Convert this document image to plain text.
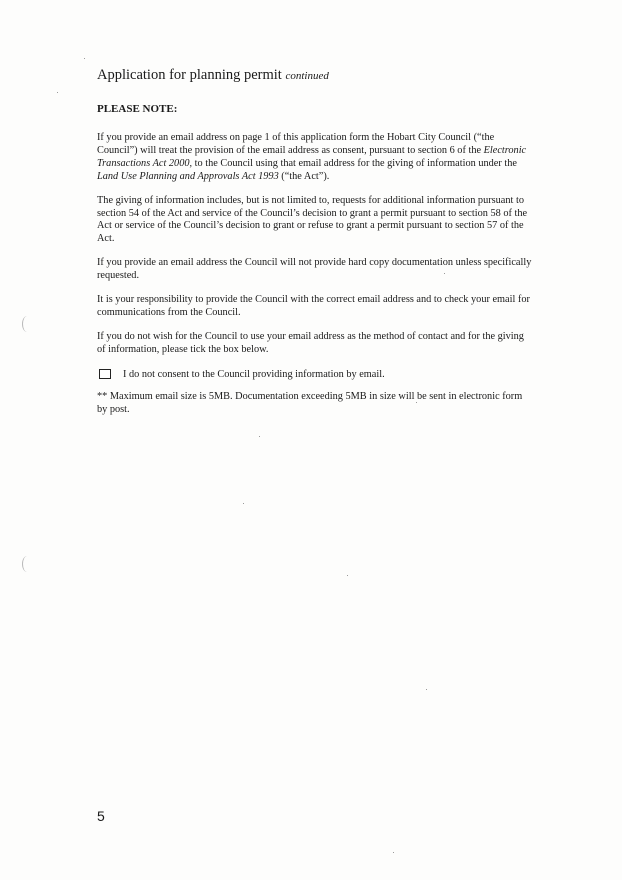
Application for planning permit continued
PLEASE NOTE:

If you provide an email address on page 1 of this application form the Hobart City Council (“the Council”) will treat the provision of the email address as consent, pursuant to section 6 of the Electronic Transactions Act 2000, to the Council using that email address for the giving of information under the Land Use Planning and Approvals Act 1993 (“the Act”).

The giving of information includes, but is not limited to, requests for additional information pursuant to section 54 of the Act and service of the Council’s decision to grant a permit pursuant to section 58 of the Act or service of the Council’s decision to grant or refuse to grant a permit pursuant to section 57 of the Act.

If you provide an email address the Council will not provide hard copy documentation unless specifically requested.

It is your responsibility to provide the Council with the correct email address and to check your email for communications from the Council.

If you do not wish for the Council to use your email address as the method of contact and for the giving of information, please tick the box below.

I do not consent to the Council providing information by email.

** Maximum email size is 5MB. Documentation exceeding 5MB in size will be sent in electronic form by post.

5
